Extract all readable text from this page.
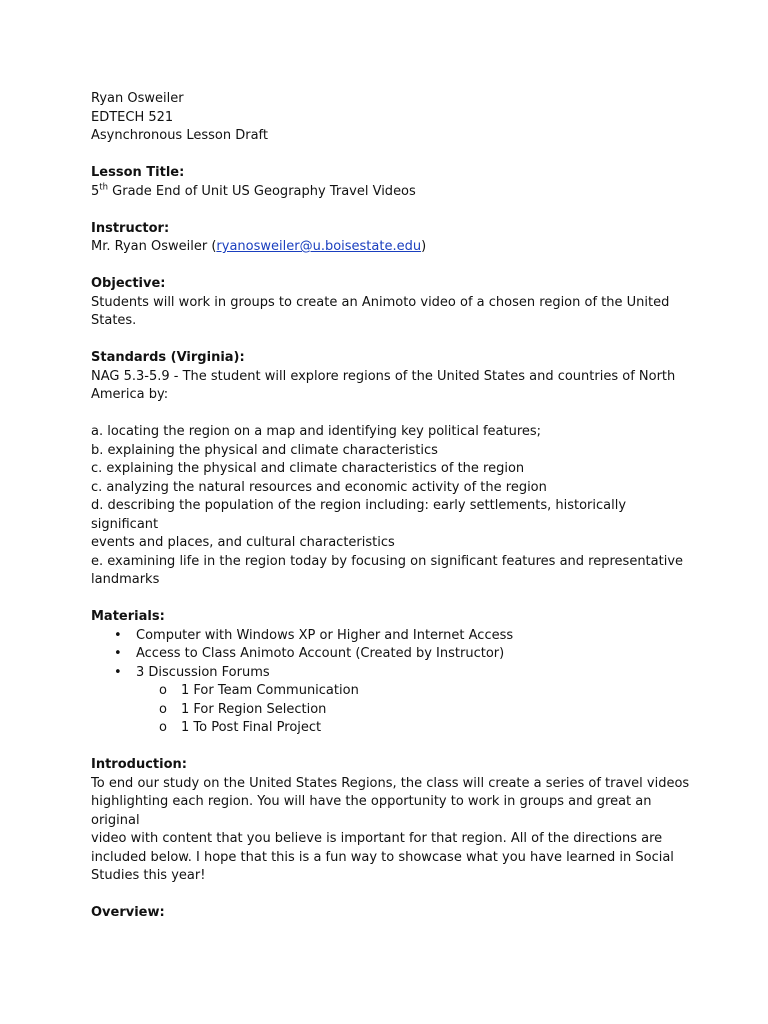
Ryan Osweiler

EDTECH 521

Asynchronous Lesson Draft

Lesson Title:

5th Grade End of Unit US Geography Travel Videos

Instructor:

Mr. Ryan Osweiler (ryanosweiler@u.boisestate.edu)

Objective:

Students will work in groups to create an Animoto video of a chosen region of the United

States.

Standards (Virginia):

NAG 5.3-5.9 - The student will explore regions of the United States and countries of North

America by:

a. locating the region on a map and identifying key political features;

b. explaining the physical and climate characteristics

c. explaining the physical and climate characteristics of the region

c. analyzing the natural resources and economic activity of the region

d. describing the population of the region including: early settlements, historically significant

events and places, and cultural characteristics

e. examining life in the region today by focusing on significant features and representative

landmarks

Materials:

• Computer with Windows XP or Higher and Internet Access
• Access to Class Animoto Account (Created by Instructor)
• 3 Discussion Forums
o 1 For Team Communication
o 1 For Region Selection
o 1 To Post Final Project

Introduction:

To end our study on the United States Regions, the class will create a series of travel videos

highlighting each region. You will have the opportunity to work in groups and great an original

video with content that you believe is important for that region. All of the directions are

included below. I hope that this is a fun way to showcase what you have learned in Social

Studies this year!

Overview:
